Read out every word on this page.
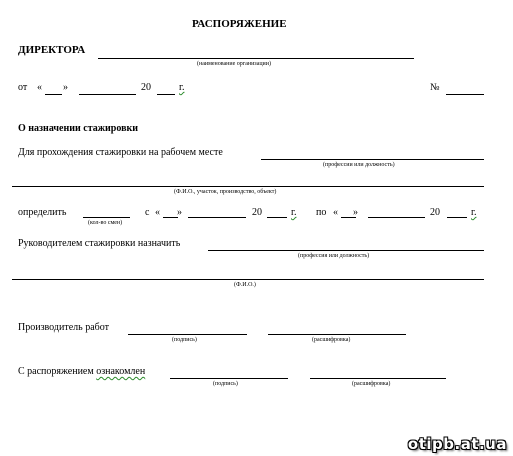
РАСПОРЯЖЕНИЕ
ДИРЕКТОРА
(наименование организации)
от « »	20	г.	№
О назначении стажировки
Для прохождения стажировки на рабочем месте
(профессии или должность)
(Ф.И.О., участок, производство, объект)
определить
(кол-во смен)
с « »	20	г. по « »	20	г.
Руководителем стажировки назначить
(профессия или должность)
(Ф.И.О.)
Производитель работ
(подпись)	(расшифровка)
С распоряжением ознакомлен
(подпись)	(расшифровка)
otipb.at.ua
